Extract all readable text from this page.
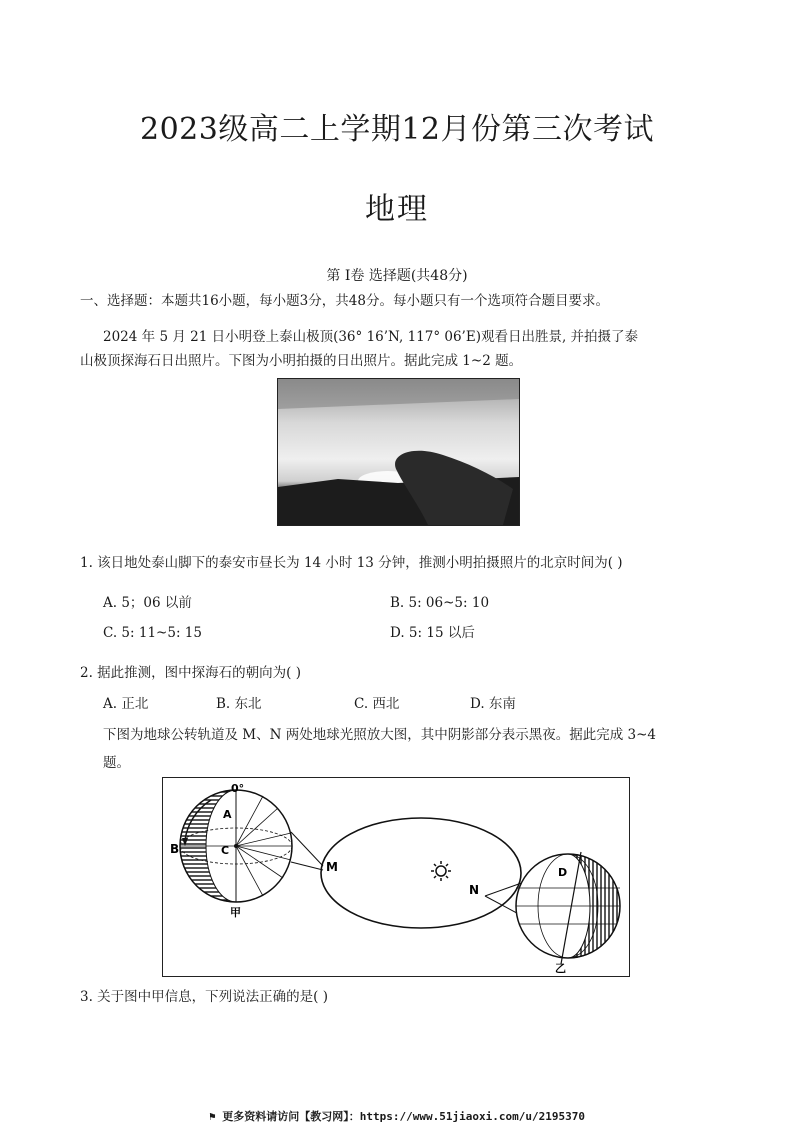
2023级高二上学期12月份第三次考试
地理
第 I卷 选择题(共48分)
一、选择题：本题共16小题，每小题3分，共48分。每小题只有一个选项符合题目要求。
2024 年 5 月 21 日小明登上泰山极顶(36° 16’N, 117° 06’E)观看日出胜景, 并拍摄了泰
山极顶探海石日出照片。下图为小明拍摄的日出照片。据此完成 1~2 题。
1. 该日地处泰山脚下的泰安市昼长为 14 小时 13 分钟，推测小明拍摄照片的北京时间为( )
A. 5；06 以前	B. 5: 06~5: 10
C. 5: 11~5: 15	D. 5: 15 以后
2. 据此推测，图中探海石的朝向为( )
A. 正北	B. 东北	C. 西北	D. 东南
下图为地球公转轨道及 M、N 两处地球光照放大图，其中阴影部分表示黑夜。据此完成 3~4
题。
0°
A
B	C
甲
M
N
D
乙
3. 关于图中甲信息，下列说法正确的是( )
⚑ 更多资料请访问【教习网】：https://www.51jiaoxi.com/u/2195370
